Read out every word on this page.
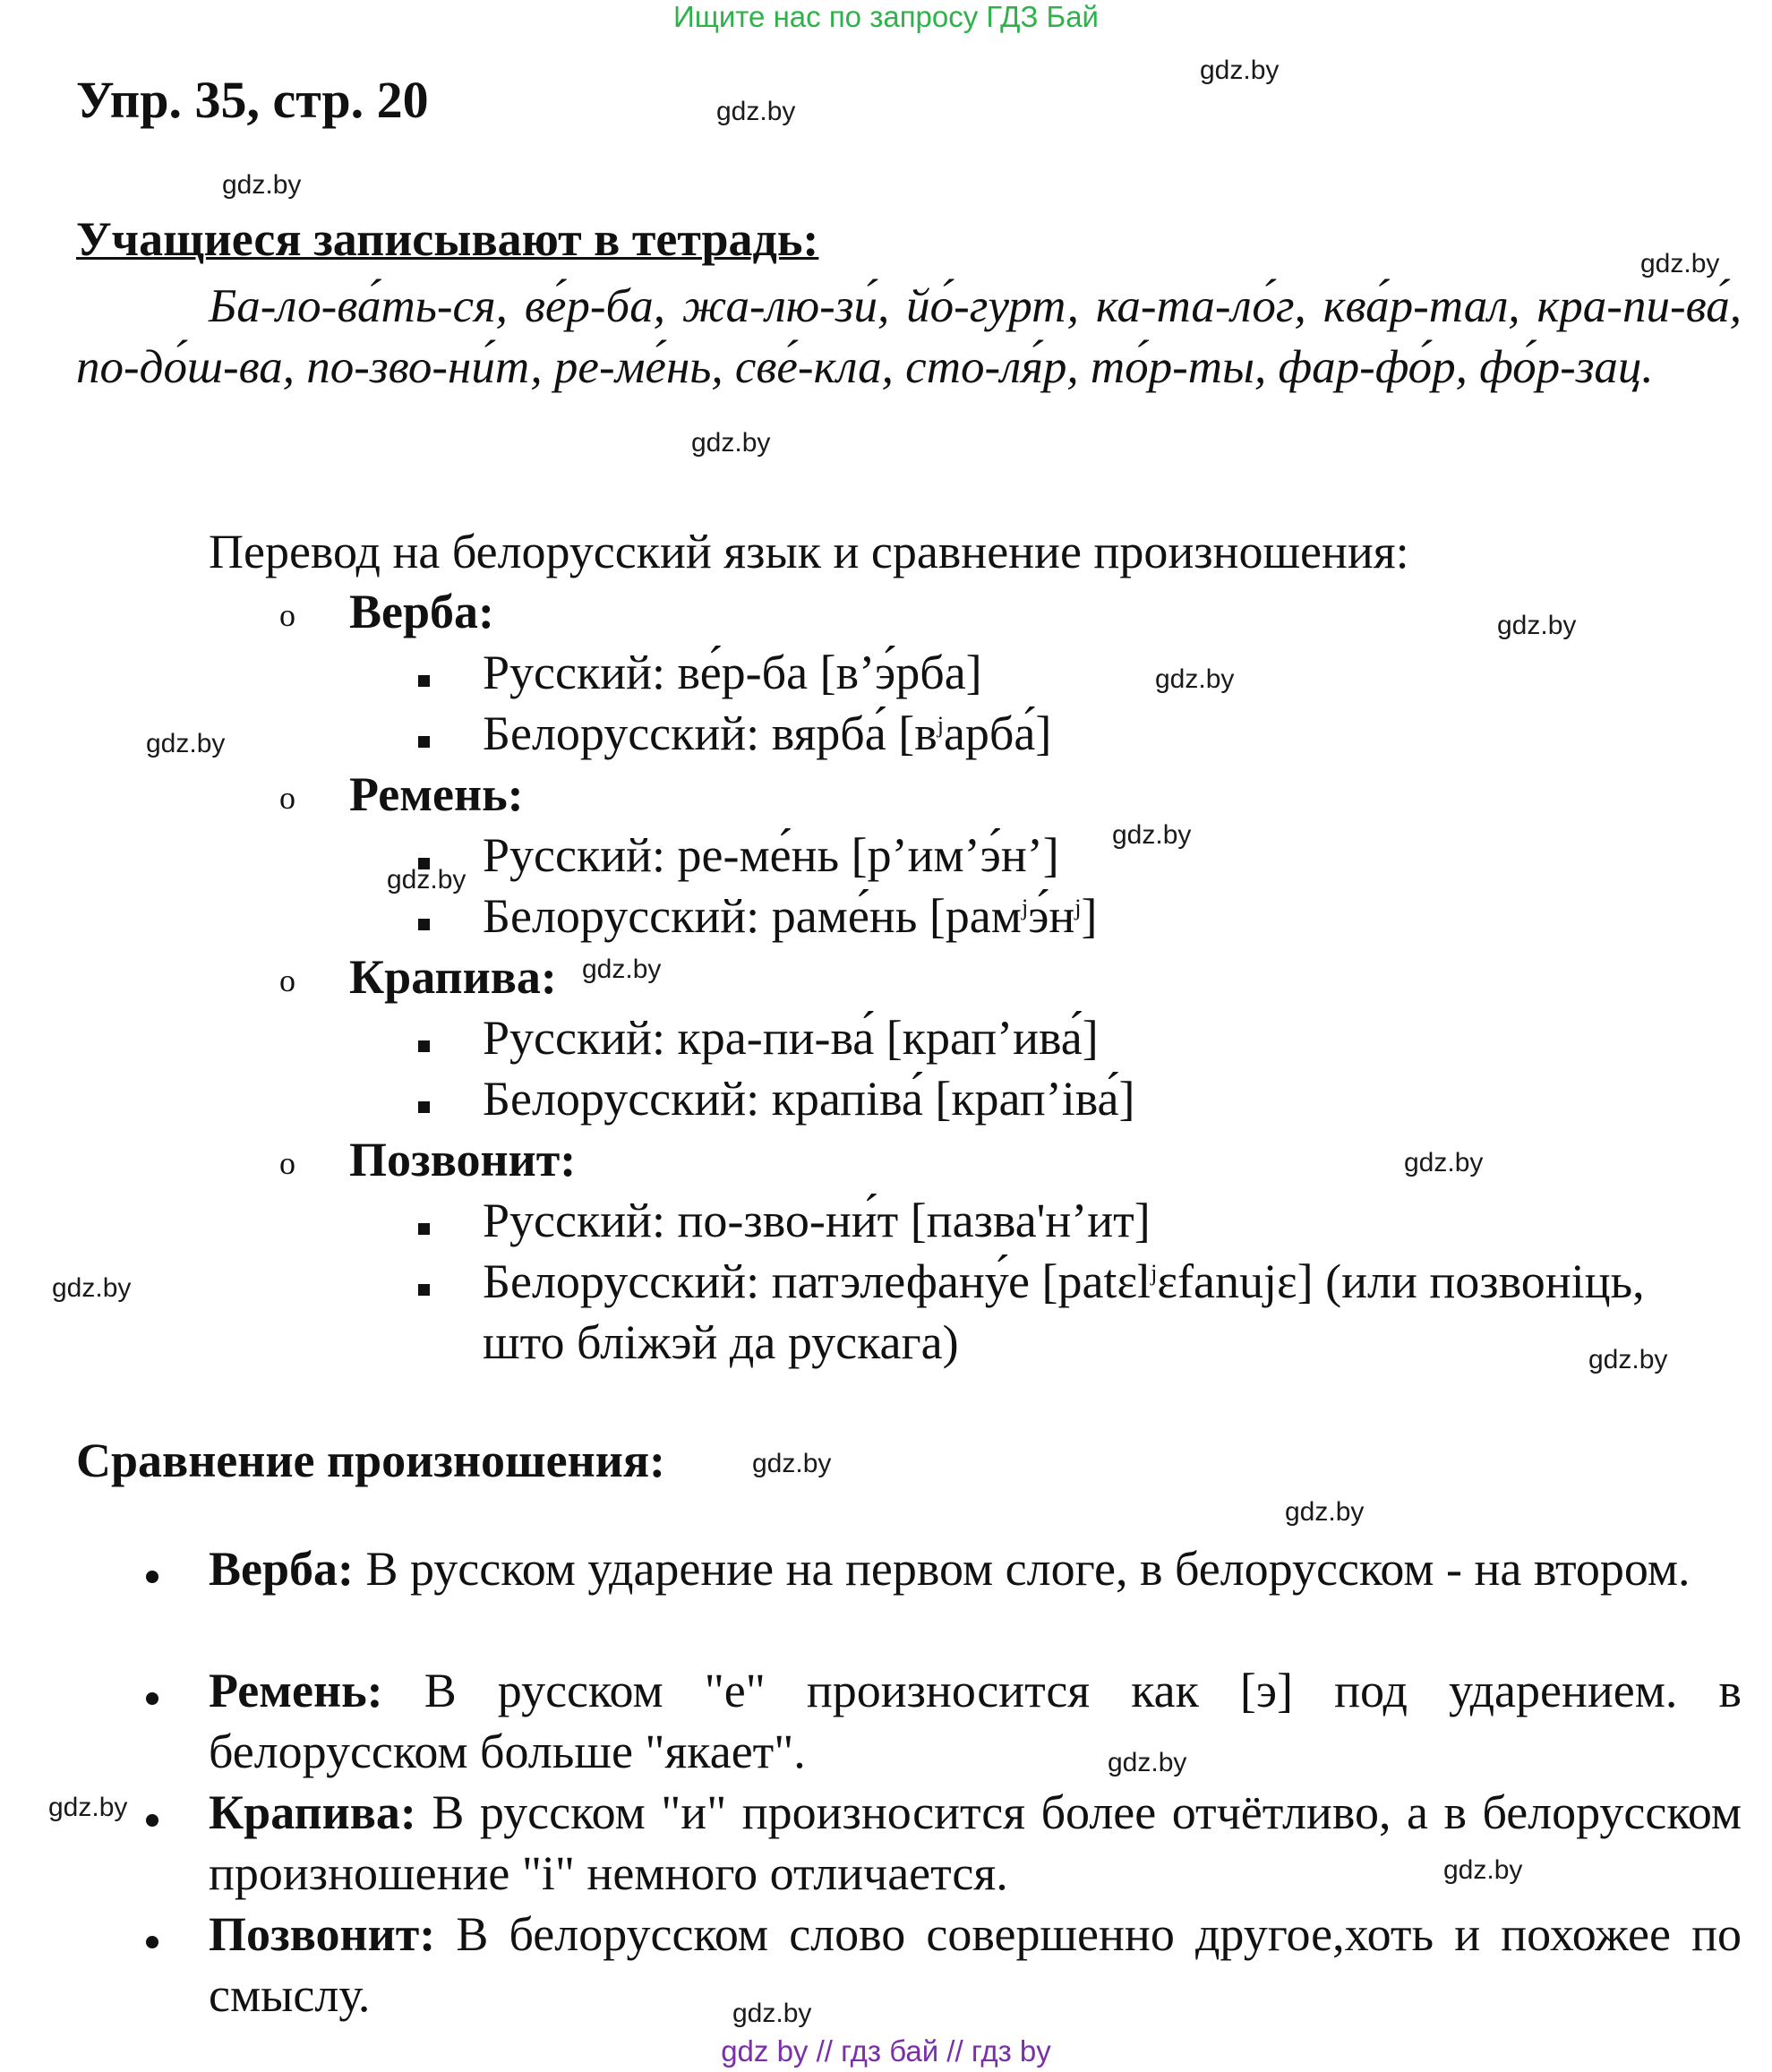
Ищите нас по запросу ГДЗ Бай
Упр. 35, стр. 20
Учащиеся записывают в тетрадь:
Ба-ло-ва́ть-ся, ве́р-ба, жа-лю-зи́, йо́-гурт, ка-та-ло́г, ква́р-тал, кра-пи-ва́, по-до́ш-ва, по-зво-ни́т, ре-ме́нь, све́-кла, сто-ля́р, то́р-ты, фар-фо́р, фо́р-зац.
Перевод на белорусский язык и сравнение произношения:
o Верба:
Русский: ве́р-ба [в’э́рба]
Белорусский: вярба́ $[в^jарба́]$
o Ремень:
Русский: ре-ме́нь [р’им’э́н’]
Белорусский: раме́нь $[рам^jэ́н^j]$
o Крапива:
Русский: кра-пи-ва́ [крап’ива́]
Белорусский: крапіва́ [крап’іва́]
o Позвонит:
Русский: по-зво-ни́т [пазва'н’ит]
Белорусский: патэлефану́е [patɛl$^j$ɛfanujɛ] (или позвоніць,
што бліжэй да рускага)
Сравнение произношения:
Верба: В русском ударение на первом слоге, в белорусском - на втором.
Ремень: В русском "е" произносится как [э] под ударением. в белорусском больше "якает".
Крапива: В русском "и" произносится более отчётливо, а в белорусском произношение "і" немного отличается.
Позвонит: В белорусском слово совершенно другое,хоть и похожее по смыслу.
gdz.by
gdz.by
gdz.by
gdz.by
gdz.by
gdz.by
gdz.by
gdz.by
gdz.by
gdz.by
gdz.by
gdz.by
gdz.by
gdz.by
gdz.by
gdz.by
gdz.by
gdz.by
gdz.by
gdz.by
gdz by // гдз бай // гдз by
